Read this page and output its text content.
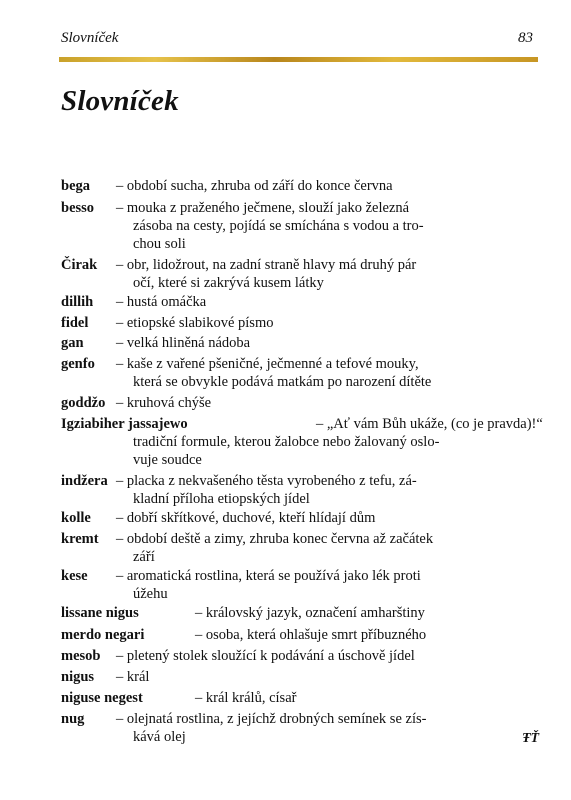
Slovníček	83
Slovníček
bega – období sucha, zhruba od září do konce června
besso – mouka z praženého ječmene, slouží jako železná
zásoba na cesty, pojídá se smíchána s vodou a tro-
chou soli
Čirak – obr, lidožrout, na zadní straně hlavy má druhý pár
očí, které si zakrývá kusem látky
dillih – hustá omáčka
fidel – etiopské slabikové písmo
gan – velká hliněná nádoba
genfo – kaše z vařené pšeničné, ječmenné a tefové mouky,
která se obvykle podává matkám po narození dítěte
goddžo – kruhová chýše
Igziabiher jassajewo	– „Ať vám Bůh ukáže, (co je pravda)!“
tradiční formule, kterou žalobce nebo žalovaný oslo-
vuje soudce
indžera – placka z nekvašeného těsta vyrobeného z tefu, zá-
kladní příloha etiopských jídel
kolle – dobří skřítkové, duchové, kteří hlídají dům
kremt – období deště a zimy, zhruba konec června až začátek
září
kese – aromatická rostlina, která se používá jako lék proti
úžehu
lissane nigus	– královský jazyk, označení amharštiny
merdo negari	– osoba, která ohlašuje smrt příbuzného
mesob – pletený stolek sloužící k podávání a úschově jídel
nigus – král
niguse negest	– král králů, císař
nug – olejnatá rostlina, z jejíchž drobných semínek se zís-
kává olej	ŦŤ
